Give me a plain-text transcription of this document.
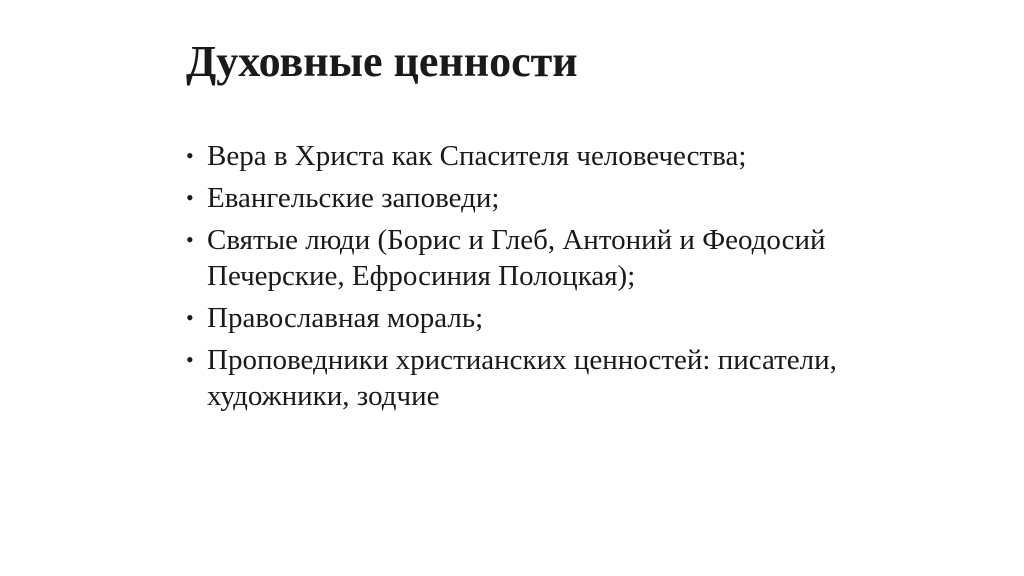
Духовные ценности
• Вера в Христа как Спасителя человечества;
• Евангельские заповеди;
• Святые люди (Борис и Глеб, Антоний и Феодосий Печерские, Ефросиния Полоцкая);
• Православная мораль;
• Проповедники христианских ценностей: писатели, художники, зодчие
